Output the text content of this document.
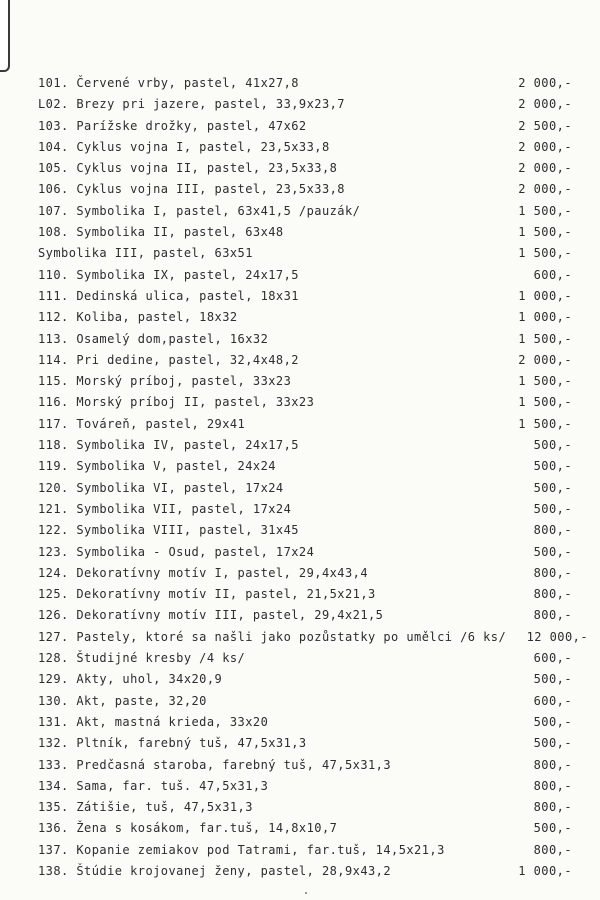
101. Červené vrby, pastel, 41x27,8	2 000,-
L02. Brezy pri jazere, pastel, 33,9x23,7	2 000,-
103. Parížske drožky, pastel, 47x62	2 500,-
104. Cyklus vojna I, pastel, 23,5x33,8	2 000,-
105. Cyklus vojna II, pastel, 23,5x33,8	2 000,-
106. Cyklus vojna III, pastel, 23,5x33,8	2 000,-
107. Symbolika I, pastel, 63x41,5 /pauzák/	1 500,-
108. Symbolika II, pastel, 63x48	1 500,-
Symbolika III, pastel, 63x51	1 500,-
110. Symbolika IX, pastel, 24x17,5	600,-
111. Dedinská ulica, pastel, 18x31	1 000,-
112. Koliba, pastel, 18x32	1 000,-
113. Osamelý dom,pastel, 16x32	1 500,-
114. Pri dedine, pastel, 32,4x48,2	2 000,-
115. Morský príboj, pastel, 33x23	1 500,-
116. Morský príboj II, pastel, 33x23	1 500,-
117. Továreň, pastel, 29x41	1 500,-
118. Symbolika IV, pastel, 24x17,5	500,-
119. Symbolika V, pastel, 24x24	500,-
120. Symbolika VI, pastel, 17x24	500,-
121. Symbolika VII, pastel, 17x24	500,-
122. Symbolika VIII, pastel, 31x45	800,-
123. Symbolika - Osud, pastel, 17x24	500,-
124. Dekoratívny motív I, pastel, 29,4x43,4	800,-
125. Dekoratívny motív II, pastel, 21,5x21,3	800,-
126. Dekoratívny motív III, pastel, 29,4x21,5	800,-
127. Pastely, ktoré sa našli jako pozůstatky po umělci /6 ks/ 12 000,-
128. Študijné kresby /4 ks/	600,-
129. Akty, uhol, 34x20,9	500,-
130. Akt, paste, 32,20	600,-
131. Akt, mastná krieda, 33x20	500,-
132. Pltník, farebný tuš, 47,5x31,3	500,-
133. Predčasná staroba, farebný tuš, 47,5x31,3	800,-
134. Sama, far. tuš. 47,5x31,3	800,-
135. Zátišie, tuš, 47,5x31,3	800,-
136. Žena s kosákom, far.tuš, 14,8x10,7	500,-
137. Kopanie zemiakov pod Tatrami, far.tuš, 14,5x21,3	800,-
138. Štúdie krojovanej ženy, pastel, 28,9x43,2	1 000,-
